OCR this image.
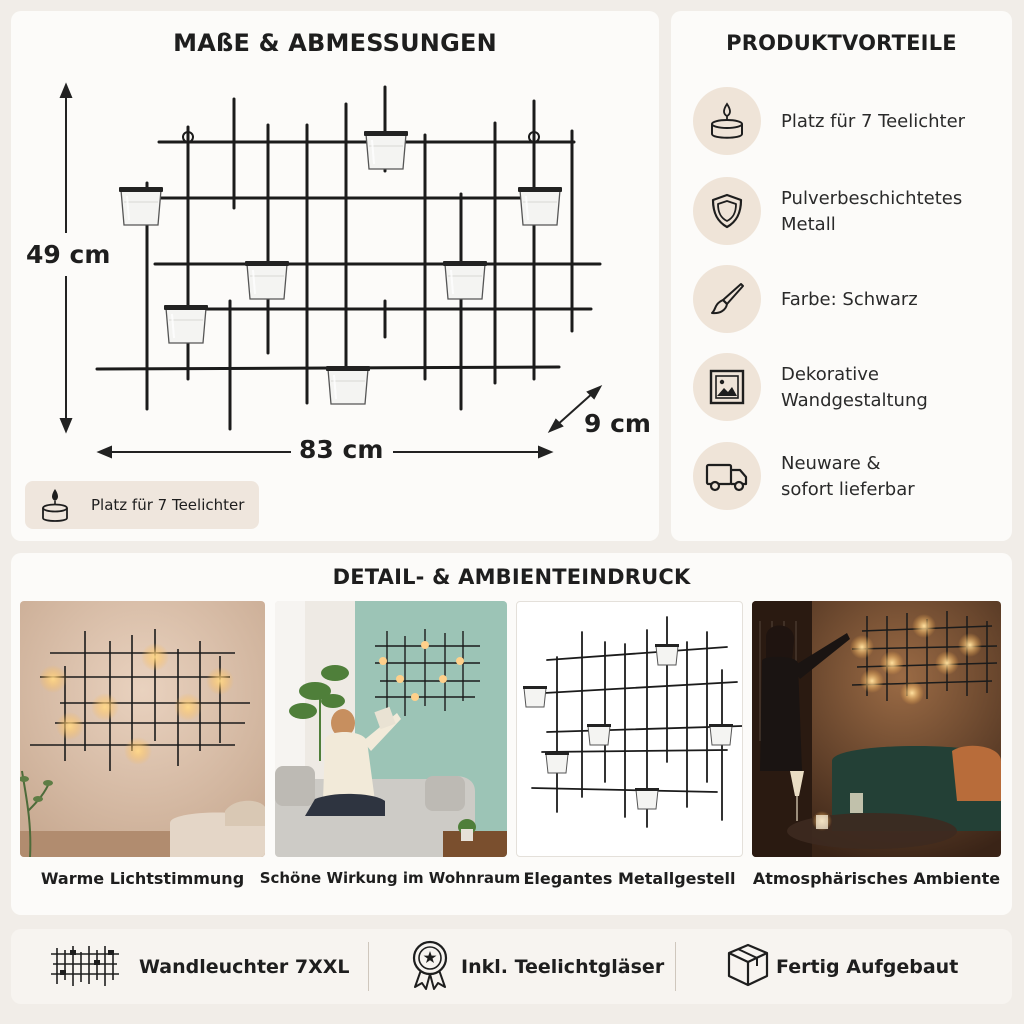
MAßE & ABMESSUNGEN
49 cm
83 cm
9 cm
Platz für 7 Teelichter
PRODUKTVORTEILE
Platz für 7 Teelichter
Pulverbeschichtetes
Metall
Farbe: Schwarz
Dekorative
Wandgestaltung
Neuware &
sofort lieferbar
DETAIL- & AMBIENTEINDRUCK
Warme Lichtstimmung	Schöne Wirkung im Wohnraum Elegantes Metallgestell	Atmosphärisches Ambiente
Wandleuchter 7XXL	Inkl. Teelichtgläser	Fertig Aufgebaut
